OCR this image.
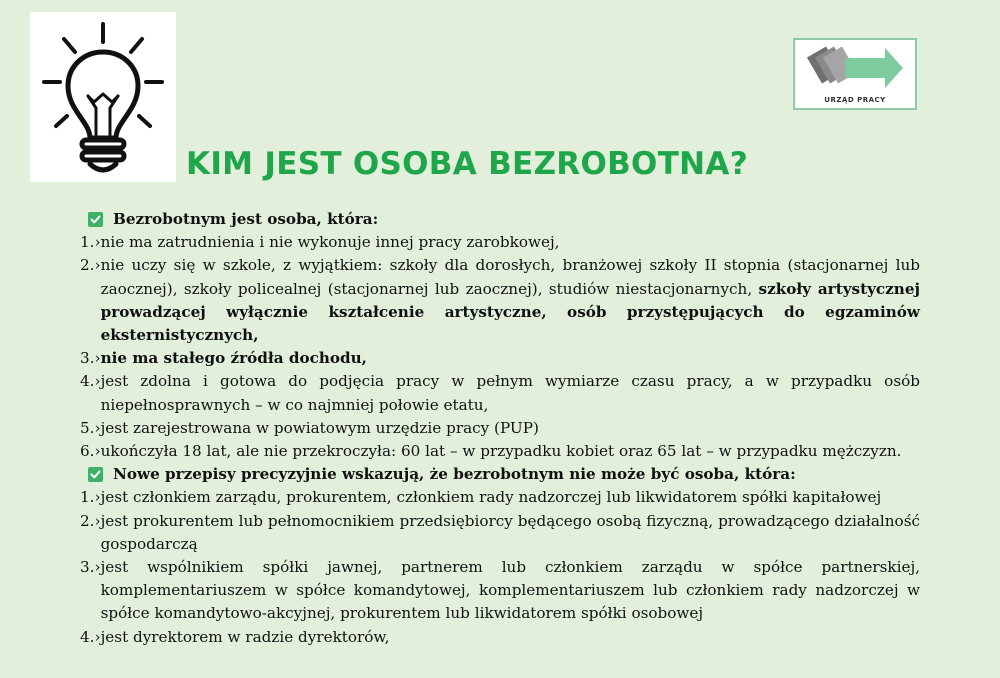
URZĄD PRACY
KIM JEST OSOBA BEZROBOTNA?
Bezrobotnym jest osoba, która:
1.› nie ma zatrudnienia i nie wykonuje innej pracy zarobkowej,
2.› nie uczy się w szkole, z wyjątkiem: szkoły dla dorosłych, branżowej szkoły II stopnia (stacjonarnej lub zaocznej), szkoły policealnej (stacjonarnej lub zaocznej), studiów niestacjonarnych, szkoły artystycznej prowadzącej wyłącznie kształcenie artystyczne, osób przystępujących do egzaminów eksternistycznych,
3.› nie ma stałego źródła dochodu,
4.› jest zdolna i gotowa do podjęcia pracy w pełnym wymiarze czasu pracy, a w przypadku osób niepełnosprawnych – w co najmniej połowie etatu,
5.› jest zarejestrowana w powiatowym urzędzie pracy (PUP)
6.› ukończyła 18 lat, ale nie przekroczyła: 60 lat – w przypadku kobiet oraz 65 lat – w przypadku mężczyzn.
Nowe przepisy precyzyjnie wskazują, że bezrobotnym nie może być osoba, która:
1.› jest członkiem zarządu, prokurentem, członkiem rady nadzorczej lub likwidatorem spółki kapitałowej
2.› jest prokurentem lub pełnomocnikiem przedsiębiorcy będącego osobą fizyczną, prowadzącego działalność gospodarczą
3.› jest wspólnikiem spółki jawnej, partnerem lub członkiem zarządu w spółce partnerskiej, komplementariuszem w spółce komandytowej, komplementariuszem lub członkiem rady nadzorczej w spółce komandytowo-akcyjnej, prokurentem lub likwidatorem spółki osobowej
4.› jest dyrektorem w radzie dyrektorów,
